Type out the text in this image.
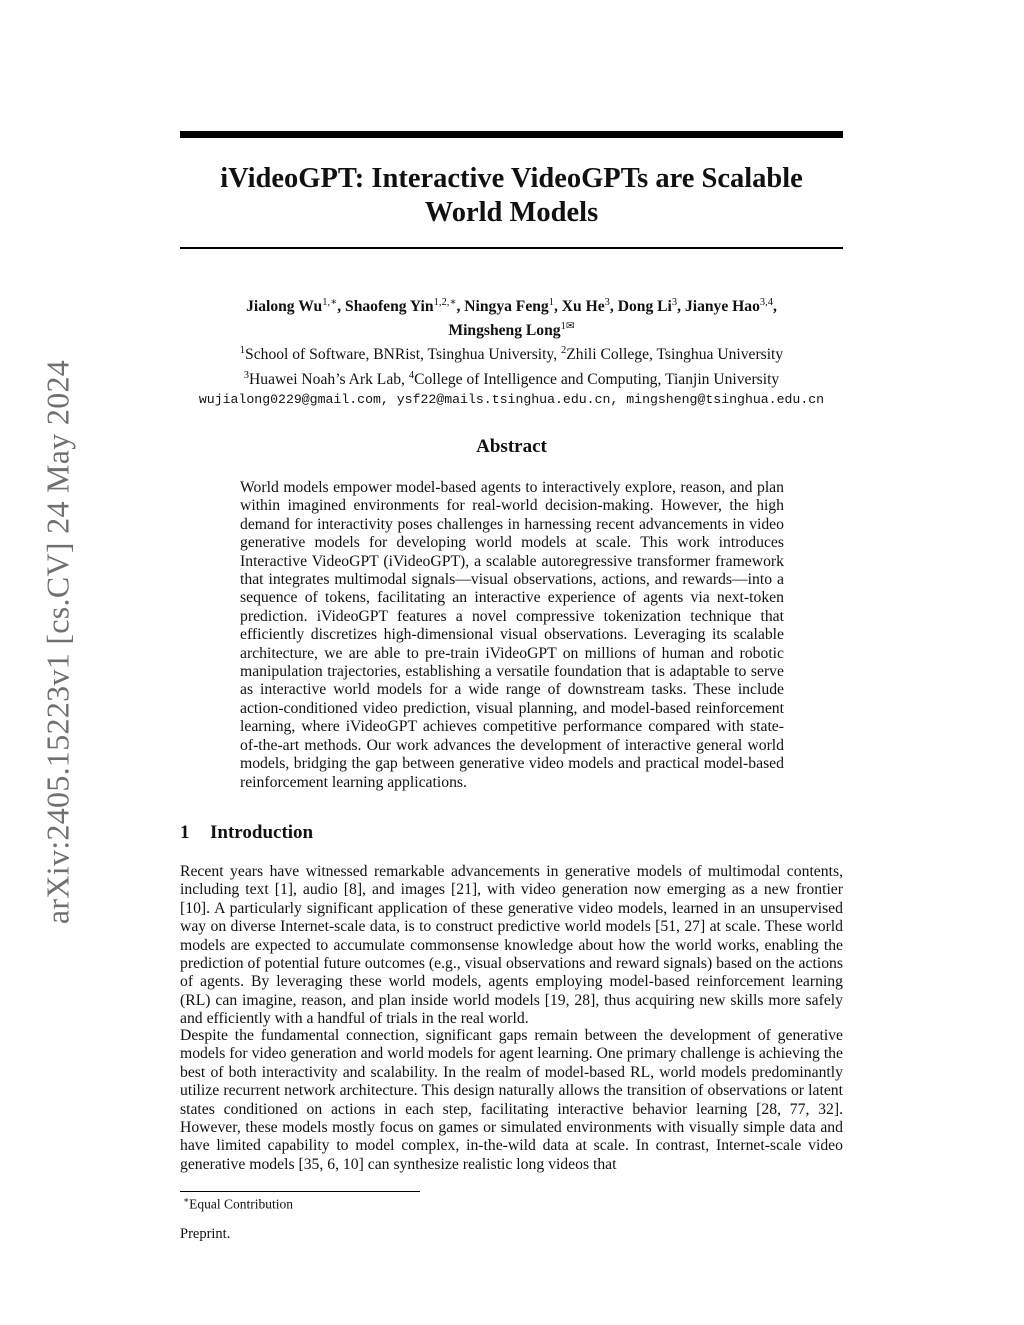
arXiv:2405.15223v1 [cs.CV] 24 May 2024
iVideoGPT: Interactive VideoGPTs are Scalable
World Models
Jialong $Wu^{1,∗}$, Shaofeng Yin$^{1,2,∗}$, Ningya Feng$^1$, Xu He$^3$, Dong Li$^3$, Jianye Hao$^{3,4}$,
Mingsheng Long$^{1✉}$
$^1$School of Software, BNRist, Tsinghua University, $^2$Zhili College, Tsinghua University
$^3$Huawei Noah’s Ark Lab, $^4$College of Intelligence and Computing, Tianjin University
wujialong0229@gmail.com, ysf22@mails.tsinghua.edu.cn, mingsheng@tsinghua.edu.cn
Abstract
World models empower model-based agents to interactively explore, reason, and plan within imagined environments for real-world decision-making. However, the high demand for interactivity poses challenges in harnessing recent advancements in video generative models for developing world models at scale. This work introduces Interactive VideoGPT (iVideoGPT), a scalable autoregressive transformer framework that integrates multimodal signals—visual observations, actions, and rewards—into a sequence of tokens, facilitating an interactive experience of agents via next-token prediction. iVideoGPT features a novel compressive tokenization technique that efficiently discretizes high-dimensional visual observations. Leveraging its scalable architecture, we are able to pre-train iVideoGPT on millions of human and robotic manipulation trajectories, establishing a versatile foundation that is adaptable to serve as interactive world models for a wide range of downstream tasks. These include action-conditioned video prediction, visual planning, and model-based reinforcement learning, where iVideoGPT achieves competitive performance compared with state-of-the-art methods. Our work advances the development of interactive general world models, bridging the gap between generative video models and practical model-based reinforcement learning applications.
1 Introduction
Recent years have witnessed remarkable advancements in generative models of multimodal contents, including text [1], audio [8], and images [21], with video generation now emerging as a new frontier [10]. A particularly significant application of these generative video models, learned in an unsupervised way on diverse Internet-scale data, is to construct predictive world models [51, 27] at scale. These world models are expected to accumulate commonsense knowledge about how the world works, enabling the prediction of potential future outcomes (e.g., visual observations and reward signals) based on the actions of agents. By leveraging these world models, agents employing model-based reinforcement learning (RL) can imagine, reason, and plan inside world models [19, 28], thus acquiring new skills more safely and efficiently with a handful of trials in the real world.
Despite the fundamental connection, significant gaps remain between the development of generative models for video generation and world models for agent learning. One primary challenge is achieving the best of both interactivity and scalability. In the realm of model-based RL, world models predominantly utilize recurrent network architecture. This design naturally allows the transition of observations or latent states conditioned on actions in each step, facilitating interactive behavior learning [28, 77, 32]. However, these models mostly focus on games or simulated environments with visually simple data and have limited capability to model complex, in-the-wild data at scale. In contrast, Internet-scale video generative models [35, 6, 10] can synthesize realistic long videos that
∗Equal Contribution
Preprint.
